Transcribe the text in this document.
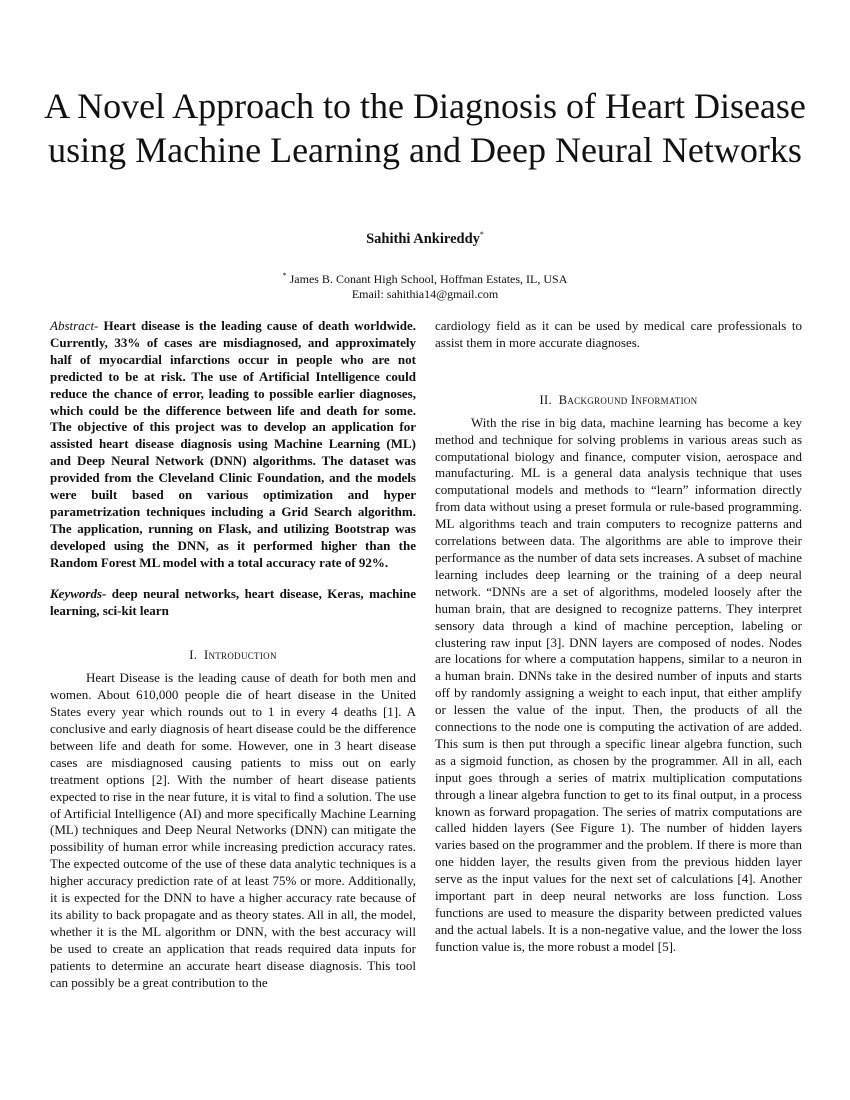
A Novel Approach to the Diagnosis of Heart Disease using Machine Learning and Deep Neural Networks
Sahithi Ankireddy*
* James B. Conant High School, Hoffman Estates, IL, USA
Email: sahithia14@gmail.com

Abstract- Heart disease is the leading cause of death worldwide. Currently, 33% of cases are misdiagnosed, and approximately half of myocardial infarctions occur in people who are not predicted to be at risk. The use of Artificial Intelligence could reduce the chance of error, leading to possible earlier diagnoses, which could be the difference between life and death for some. The objective of this project was to develop an application for assisted heart disease diagnosis using Machine Learning (ML) and Deep Neural Network (DNN) algorithms. The dataset was provided from the Cleveland Clinic Foundation, and the models were built based on various optimization and hyper parametrization techniques including a Grid Search algorithm. The application, running on Flask, and utilizing Bootstrap was developed using the DNN, as it performed higher than the Random Forest ML model with a total accuracy rate of 92%.

Keywords- deep neural networks, heart disease, Keras, machine learning, sci-kit learn

I. Introduction

Heart Disease is the leading cause of death for both men and women. About 610,000 people die of heart disease in the United States every year which rounds out to 1 in every 4 deaths [1]. A conclusive and early diagnosis of heart disease could be the difference between life and death for some. However, one in 3 heart disease cases are misdiagnosed causing patients to miss out on early treatment options [2]. With the number of heart disease patients expected to rise in the near future, it is vital to find a solution. The use of Artificial Intelligence (AI) and more specifically Machine Learning (ML) techniques and Deep Neural Networks (DNN) can mitigate the possibility of human error while increasing prediction accuracy rates. The expected outcome of the use of these data analytic techniques is a higher accuracy prediction rate of at least 75% or more. Additionally, it is expected for the DNN to have a higher accuracy rate because of its ability to back propagate and as theory states. All in all, the model, whether it is the ML algorithm or DNN, with the best accuracy will be used to create an application that reads required data inputs for patients to determine an accurate heart disease diagnosis. This tool can possibly be a great contribution to the

cardiology field as it can be used by medical care professionals to assist them in more accurate diagnoses.

II. Background Information

With the rise in big data, machine learning has become a key method and technique for solving problems in various areas such as computational biology and finance, computer vision, aerospace and manufacturing. ML is a general data analysis technique that uses computational models and methods to “learn” information directly from data without using a preset formula or rule-based programming. ML algorithms teach and train computers to recognize patterns and correlations between data. The algorithms are able to improve their performance as the number of data sets increases. A subset of machine learning includes deep learning or the training of a deep neural network. “DNNs are a set of algorithms, modeled loosely after the human brain, that are designed to recognize patterns. They interpret sensory data through a kind of machine perception, labeling or clustering raw input [3]. DNN layers are composed of nodes. Nodes are locations for where a computation happens, similar to a neuron in a human brain. DNNs take in the desired number of inputs and starts off by randomly assigning a weight to each input, that either amplify or lessen the value of the input. Then, the products of all the connections to the node one is computing the activation of are added. This sum is then put through a specific linear algebra function, such as a sigmoid function, as chosen by the programmer. All in all, each input goes through a series of matrix multiplication computations through a linear algebra function to get to its final output, in a process known as forward propagation. The series of matrix computations are called hidden layers (See Figure 1). The number of hidden layers varies based on the programmer and the problem. If there is more than one hidden layer, the results given from the previous hidden layer serve as the input values for the next set of calculations [4]. Another important part in deep neural networks are loss function. Loss functions are used to measure the disparity between predicted values and the actual labels. It is a non-negative value, and the lower the loss function value is, the more robust a model [5].
